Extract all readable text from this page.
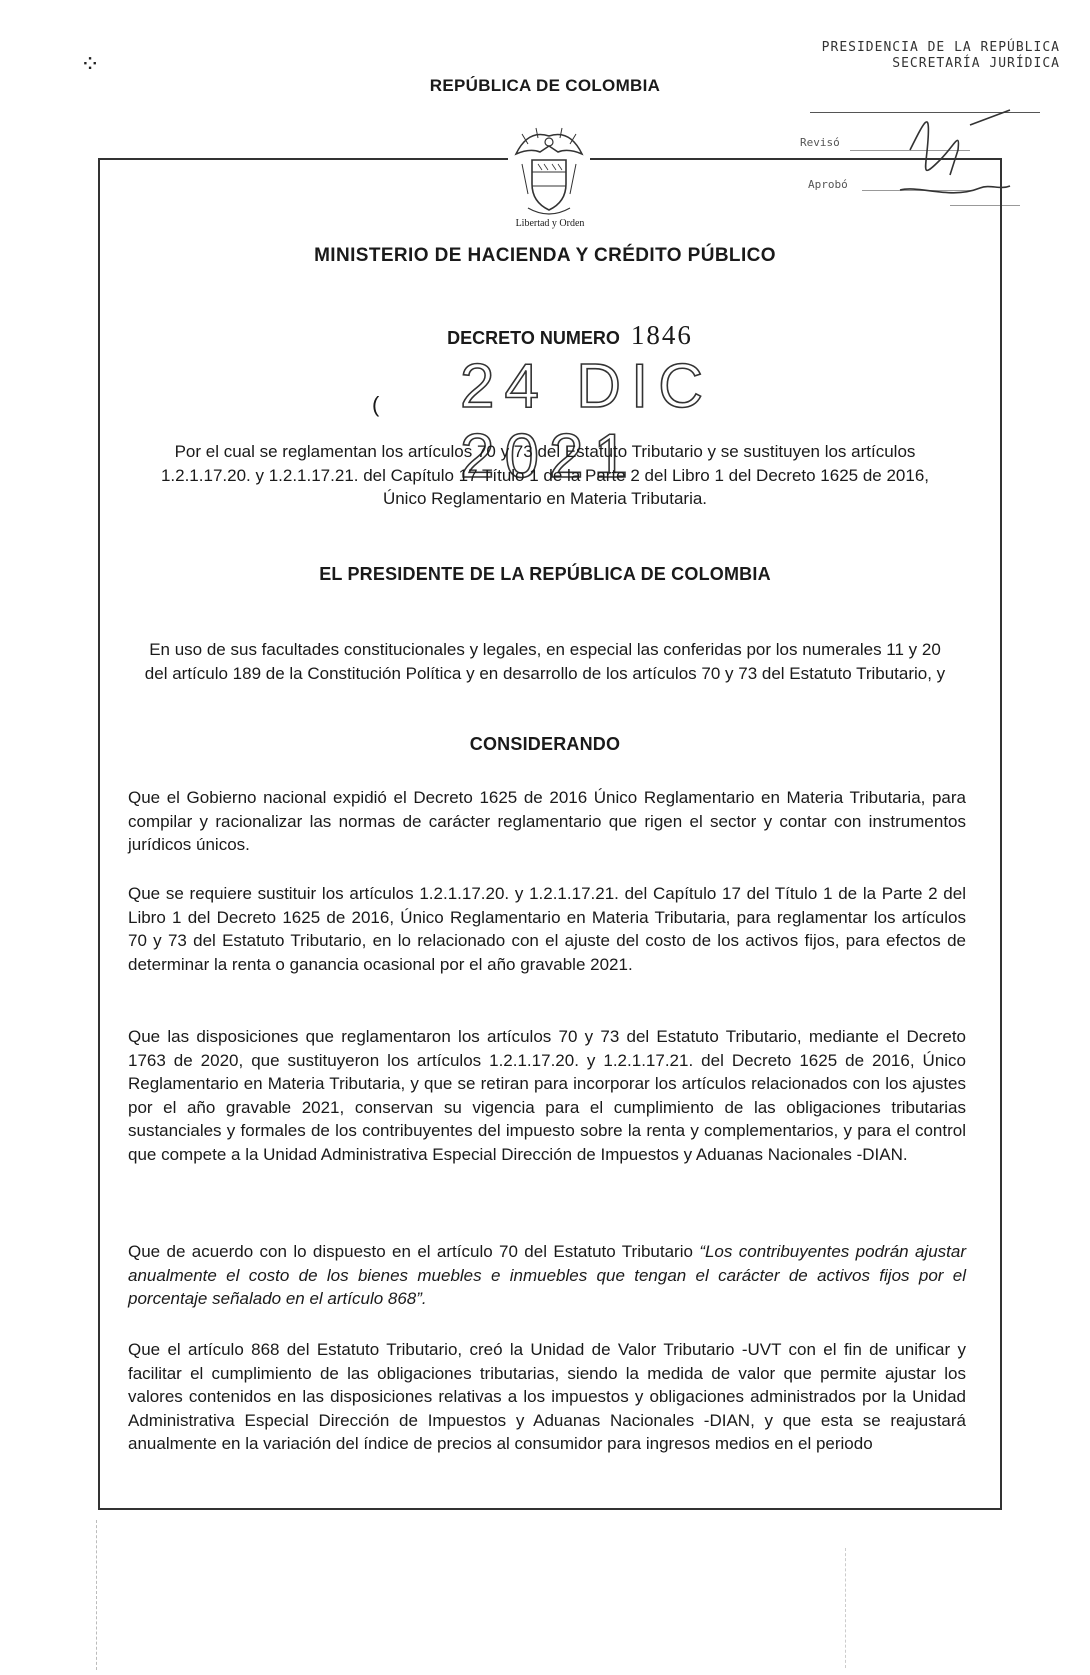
⁘
REPÚBLICA DE COLOMBIA
PRESIDENCIA DE LA REPÚBLICA
SECRETARÍA JURÍDICA
Revisó
Aprobó
Libertad y Orden
MINISTERIO DE HACIENDA Y CRÉDITO PÚBLICO
DECRETO NUMERO 1846
( 24 DIC 2021
Por el cual se reglamentan los artículos 70 y 73 del Estatuto Tributario y se sustituyen los artículos 1.2.1.17.20. y 1.2.1.17.21. del Capítulo 17 Título 1 de la Parte 2 del Libro 1 del Decreto 1625 de 2016, Único Reglamentario en Materia Tributaria.
EL PRESIDENTE DE LA REPÚBLICA DE COLOMBIA
En uso de sus facultades constitucionales y legales, en especial las conferidas por los numerales 11 y 20 del artículo 189 de la Constitución Política y en desarrollo de los artículos 70 y 73 del Estatuto Tributario, y
CONSIDERANDO
Que el Gobierno nacional expidió el Decreto 1625 de 2016 Único Reglamentario en Materia Tributaria, para compilar y racionalizar las normas de carácter reglamentario que rigen el sector y contar con instrumentos jurídicos únicos.
Que se requiere sustituir los artículos 1.2.1.17.20. y 1.2.1.17.21. del Capítulo 17 del Título 1 de la Parte 2 del Libro 1 del Decreto 1625 de 2016, Único Reglamentario en Materia Tributaria, para reglamentar los artículos 70 y 73 del Estatuto Tributario, en lo relacionado con el ajuste del costo de los activos fijos, para efectos de determinar la renta o ganancia ocasional por el año gravable 2021.
Que las disposiciones que reglamentaron los artículos 70 y 73 del Estatuto Tributario, mediante el Decreto 1763 de 2020, que sustituyeron los artículos 1.2.1.17.20. y 1.2.1.17.21. del Decreto 1625 de 2016, Único Reglamentario en Materia Tributaria, y que se retiran para incorporar los artículos relacionados con los ajustes por el año gravable 2021, conservan su vigencia para el cumplimiento de las obligaciones tributarias sustanciales y formales de los contribuyentes del impuesto sobre la renta y complementarios, y para el control que compete a la Unidad Administrativa Especial Dirección de Impuestos y Aduanas Nacionales -DIAN.
Que de acuerdo con lo dispuesto en el artículo 70 del Estatuto Tributario “Los contribuyentes podrán ajustar anualmente el costo de los bienes muebles e inmuebles que tengan el carácter de activos fijos por el porcentaje señalado en el artículo 868”.
Que el artículo 868 del Estatuto Tributario, creó la Unidad de Valor Tributario -UVT con el fin de unificar y facilitar el cumplimiento de las obligaciones tributarias, siendo la medida de valor que permite ajustar los valores contenidos en las disposiciones relativas a los impuestos y obligaciones administrados por la Unidad Administrativa Especial Dirección de Impuestos y Aduanas Nacionales -DIAN, y que esta se reajustará anualmente en la variación del índice de precios al consumidor para ingresos medios en el periodo
